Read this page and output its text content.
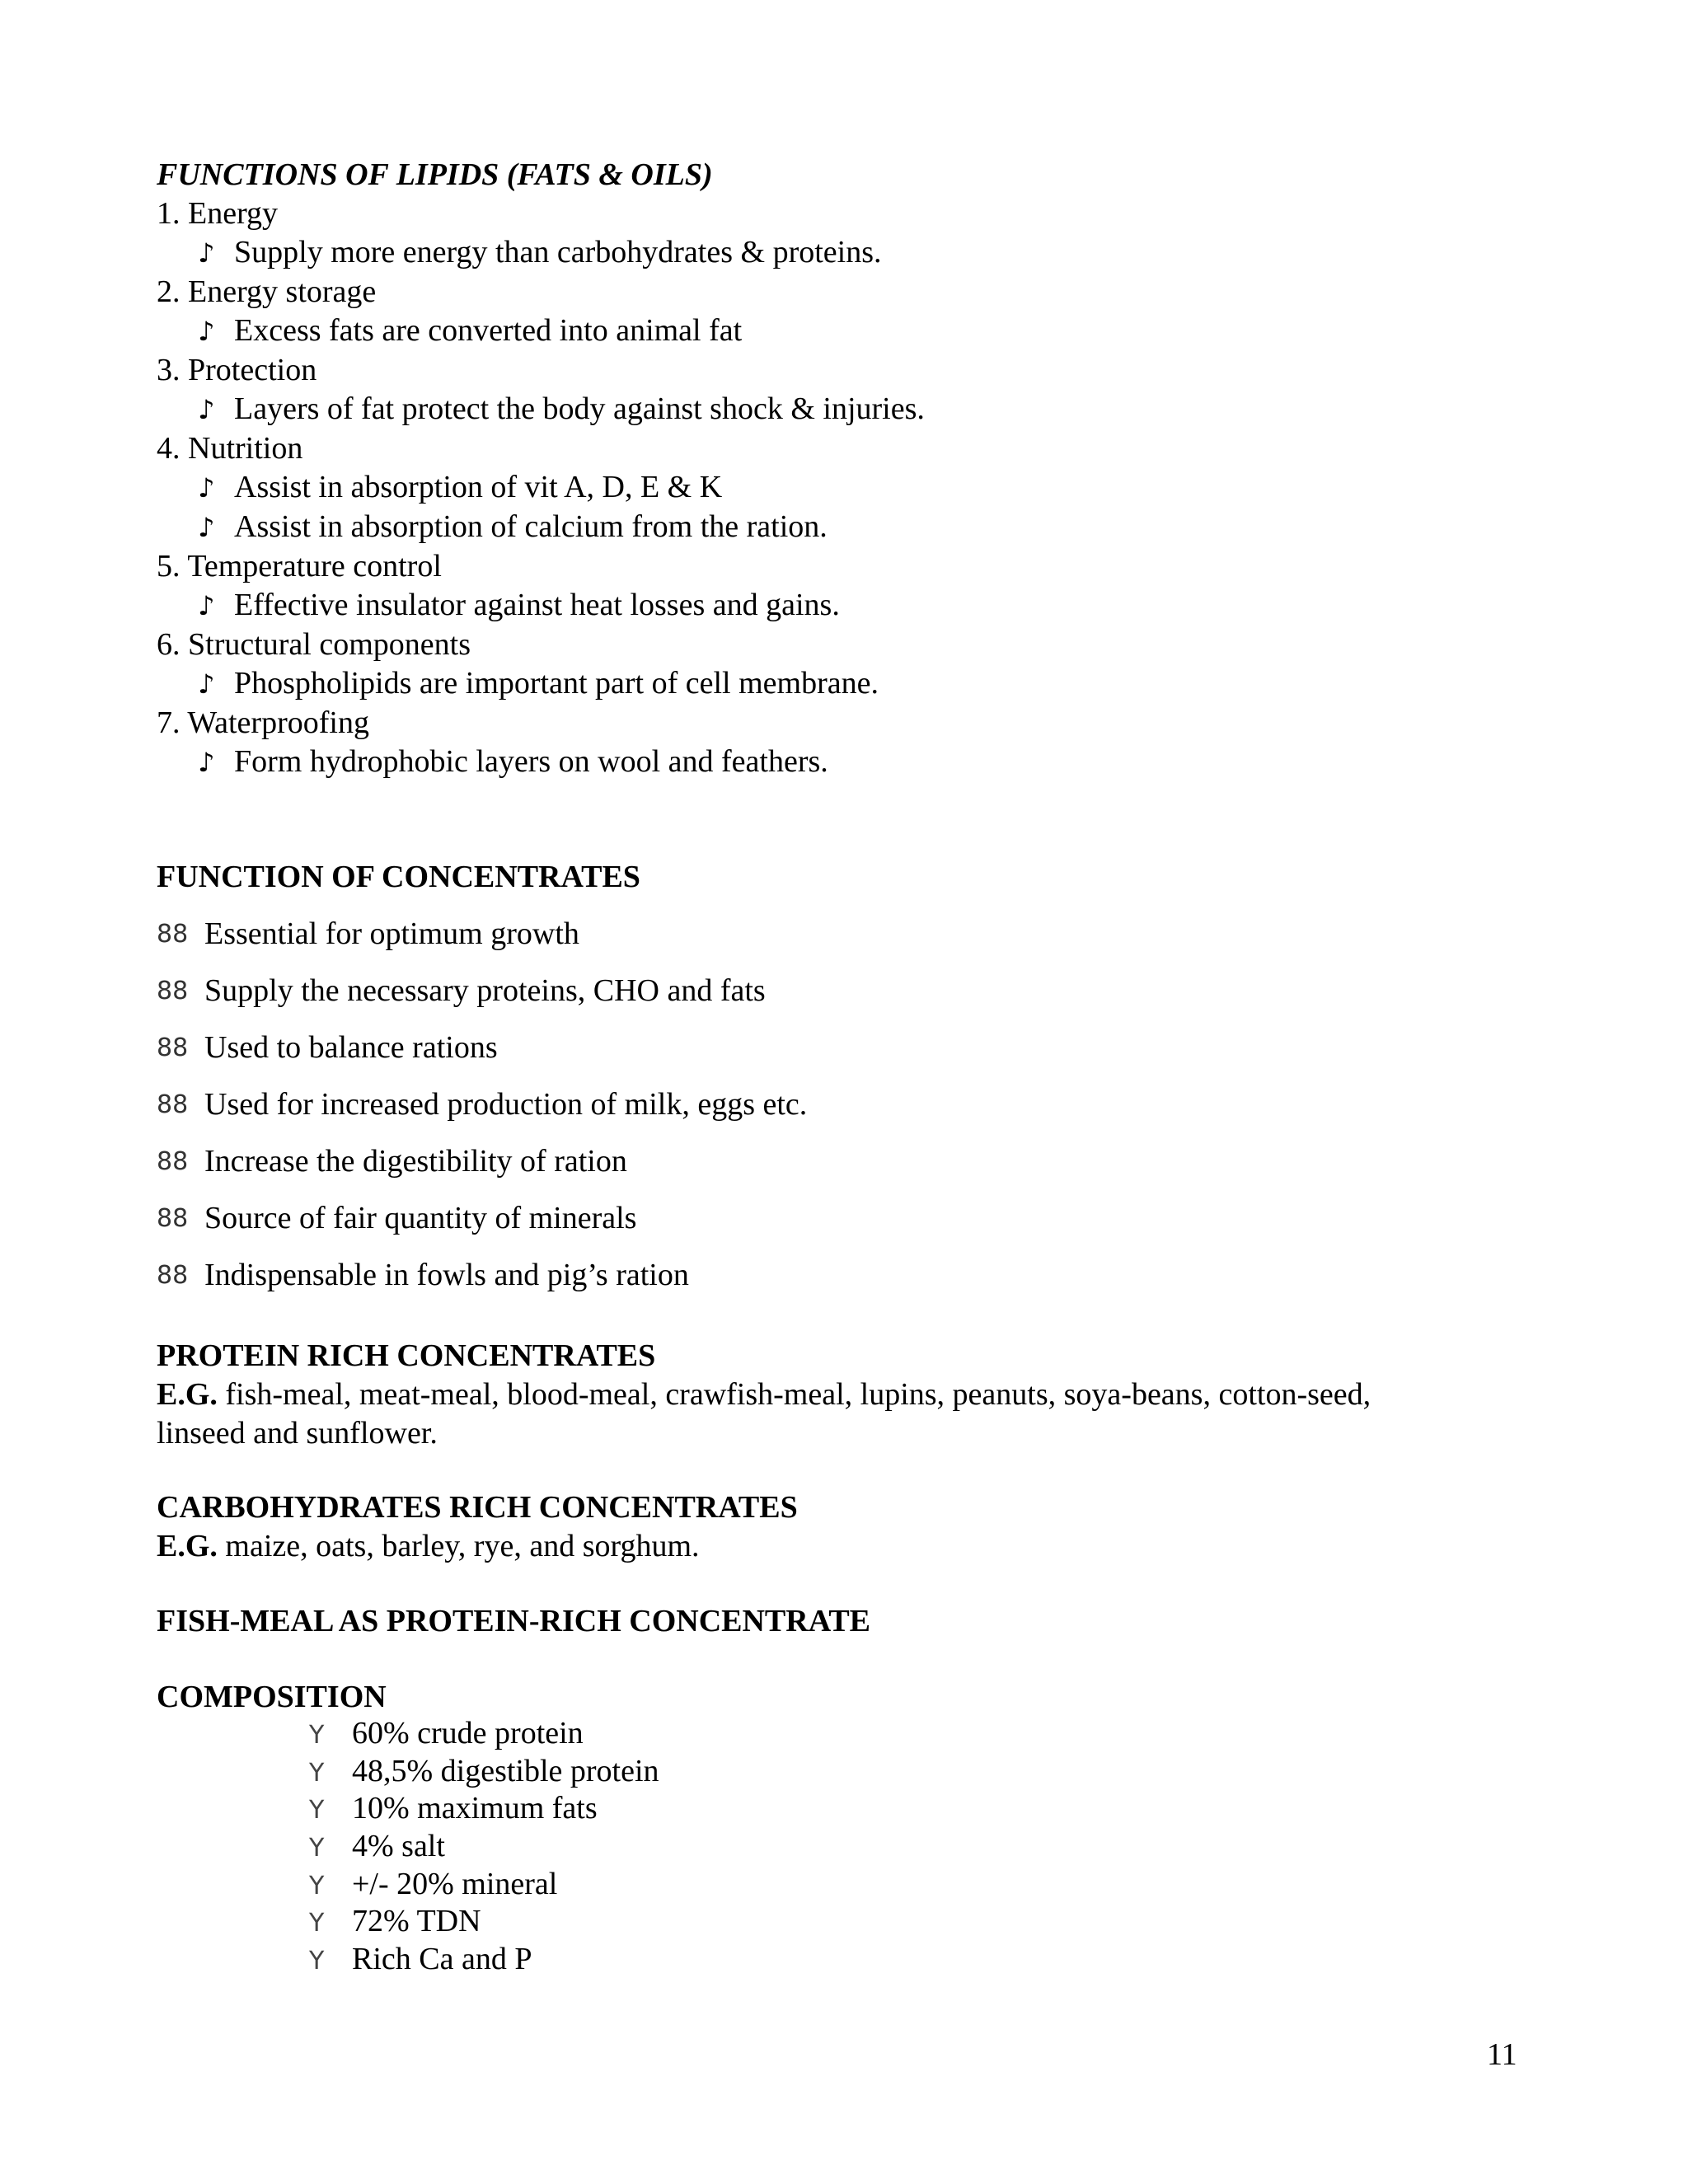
FUNCTIONS OF LIPIDS (FATS & OILS)
1. Energy
♪ Supply more energy than carbohydrates & proteins.
2. Energy storage
♪ Excess fats are converted into animal fat
3. Protection
♪ Layers of fat protect the body against shock & injuries.
4. Nutrition
♪ Assist in absorption of vit A, D, E & K
♪ Assist in absorption of calcium from the ration.
5. Temperature control
♪ Effective insulator against heat losses and gains.
6. Structural components
♪ Phospholipids are important part of cell membrane.
7. Waterproofing
♪ Form hydrophobic layers on wool and feathers.
FUNCTION OF CONCENTRATES
88 Essential for optimum growth
88 Supply the necessary proteins, CHO and fats
88 Used to balance rations
88 Used for increased production of milk, eggs etc.
88 Increase the digestibility of ration
88 Source of fair quantity of minerals
88 Indispensable in fowls and pig’s ration
PROTEIN RICH CONCENTRATES
E.G. fish-meal, meat-meal, blood-meal, crawfish-meal, lupins, peanuts, soya-beans, cotton-seed,
linseed and sunflower.
CARBOHYDRATES RICH CONCENTRATES
E.G. maize, oats, barley, rye, and sorghum.
FISH-MEAL AS PROTEIN-RICH CONCENTRATE
COMPOSITION
Y 60% crude protein
Y 48,5% digestible protein
Y 10% maximum fats
Y 4% salt
Y +/- 20% mineral
Y 72% TDN
Y Rich Ca and P
11
